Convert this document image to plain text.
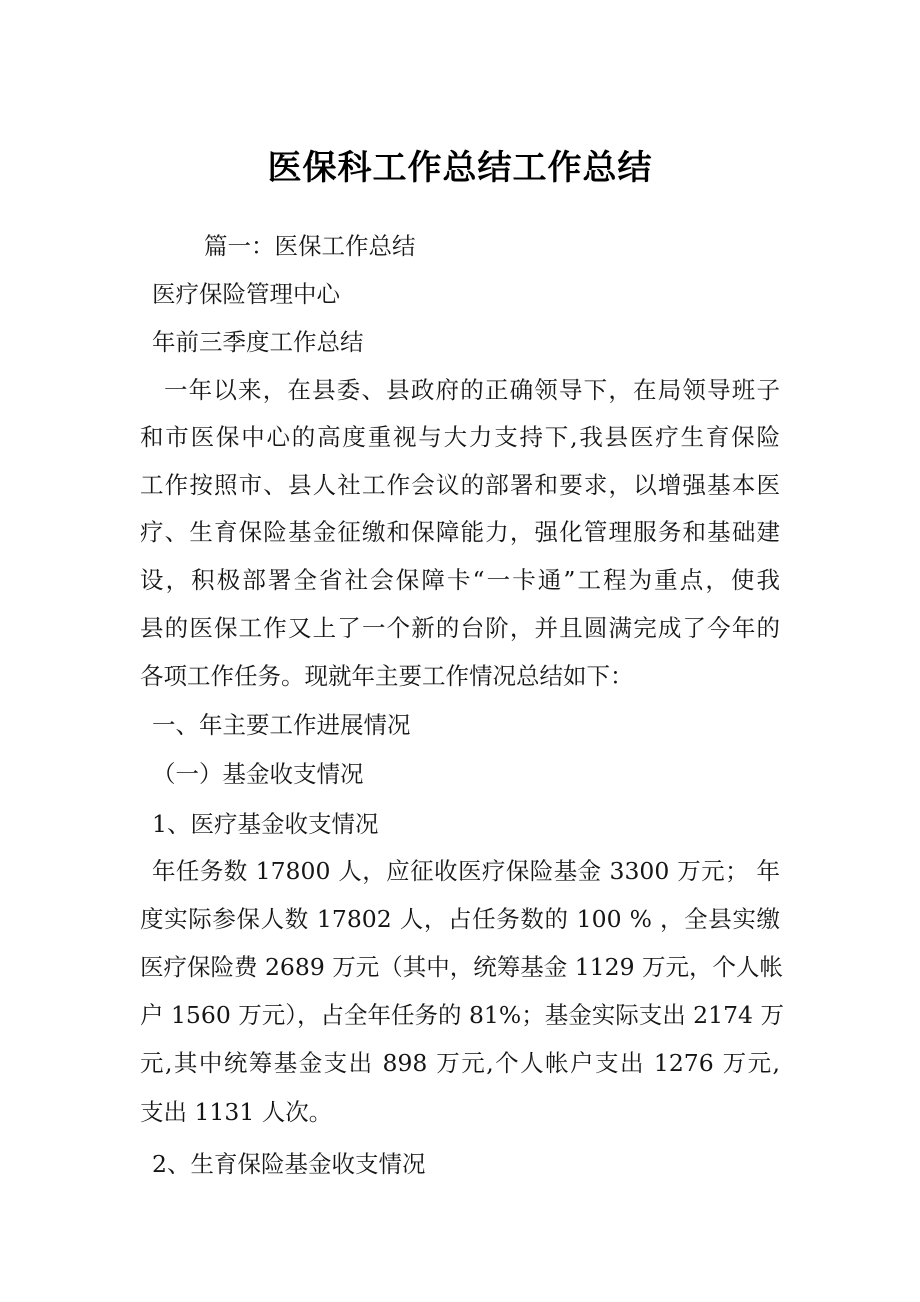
医保科工作总结工作总结
篇一：医保工作总结
医疗保险管理中心
年前三季度工作总结
一年以来，在县委、县政府的正确领导下，在局领导班子
和市医保中心的高度重视与大力支持下,我县医疗生育保险
工作按照市、县人社工作会议的部署和要求，以增强基本医
疗、生育保险基金征缴和保障能力，强化管理服务和基础建
设，积极部署全省社会保障卡“一卡通”工程为重点，使我
县的医保工作又上了一个新的台阶，并且圆满完成了今年的
各项工作任务。现就年主要工作情况总结如下：
一、年主要工作进展情况
（一）基金收支情况
1、医疗基金收支情况
年任务数 17800 人，应征收医疗保险基金 3300 万元； 年
度实际参保人数 17802 人，占任务数的 100 % ，全县实缴
医疗保险费 2689 万元（其中，统筹基金 1129 万元，个人帐
户 1560 万元），占全年任务的 81%；基金实际支出 2174 万
元,其中统筹基金支出 898 万元,个人帐户支出 1276 万元,
支出 1131 人次。
2、生育保险基金收支情况
